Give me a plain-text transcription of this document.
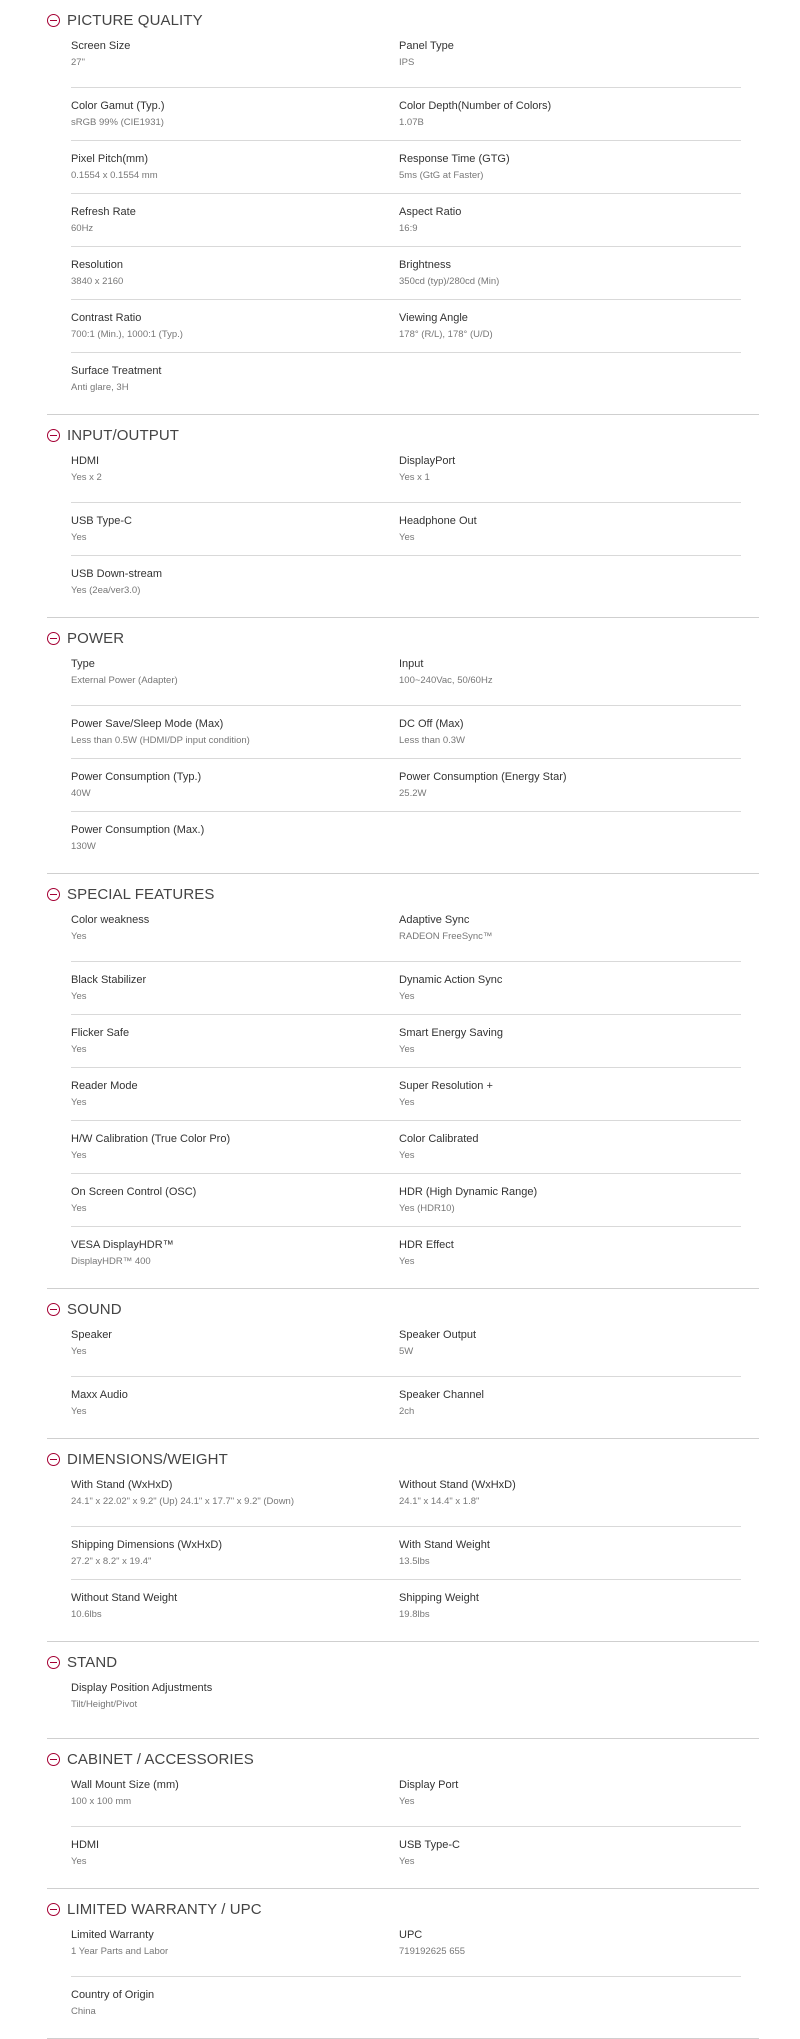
PICTURE QUALITY
Screen Size
27"
Panel Type
IPS
Color Gamut (Typ.)
sRGB 99% (CIE1931)
Color Depth(Number of Colors)
1.07B
Pixel Pitch(mm)
0.1554 x 0.1554 mm
Response Time (GTG)
5ms (GtG at Faster)
Refresh Rate
60Hz
Aspect Ratio
16:9
Resolution
3840 x 2160
Brightness
350cd (typ)/280cd (Min)
Contrast Ratio
700:1 (Min.), 1000:1 (Typ.)
Viewing Angle
178° (R/L), 178° (U/D)
Surface Treatment
Anti glare, 3H
INPUT/OUTPUT
HDMI
Yes x 2
DisplayPort
Yes x 1
USB Type-C
Yes
Headphone Out
Yes
USB Down-stream
Yes (2ea/ver3.0)
POWER
Type
External Power (Adapter)
Input
100~240Vac, 50/60Hz
Power Save/Sleep Mode (Max)
Less than 0.5W (HDMI/DP input condition)
DC Off (Max)
Less than 0.3W
Power Consumption (Typ.)
40W
Power Consumption (Energy Star)
25.2W
Power Consumption (Max.)
130W
SPECIAL FEATURES
Color weakness
Yes
Adaptive Sync
RADEON FreeSync™
Black Stabilizer
Yes
Dynamic Action Sync
Yes
Flicker Safe
Yes
Smart Energy Saving
Yes
Reader Mode
Yes
Super Resolution +
Yes
H/W Calibration (True Color Pro)
Yes
Color Calibrated
Yes
On Screen Control (OSC)
Yes
HDR (High Dynamic Range)
Yes (HDR10)
VESA DisplayHDR™
DisplayHDR™ 400
HDR Effect
Yes
SOUND
Speaker
Yes
Speaker Output
5W
Maxx Audio
Yes
Speaker Channel
2ch
DIMENSIONS/WEIGHT
With Stand (WxHxD)
24.1" x 22.02" x 9.2" (Up) 24.1" x 17.7" x 9.2" (Down)
Without Stand (WxHxD)
24.1" x 14.4" x 1.8"
Shipping Dimensions (WxHxD)
27.2" x 8.2" x 19.4"
With Stand Weight
13.5lbs
Without Stand Weight
10.6lbs
Shipping Weight
19.8lbs
STAND
Display Position Adjustments
Tilt/Height/Pivot
CABINET / ACCESSORIES
Wall Mount Size (mm)
100 x 100 mm
Display Port
Yes
HDMI
Yes
USB Type-C
Yes
LIMITED WARRANTY / UPC
Limited Warranty
1 Year Parts and Labor
UPC
719192625 655
Country of Origin
China
